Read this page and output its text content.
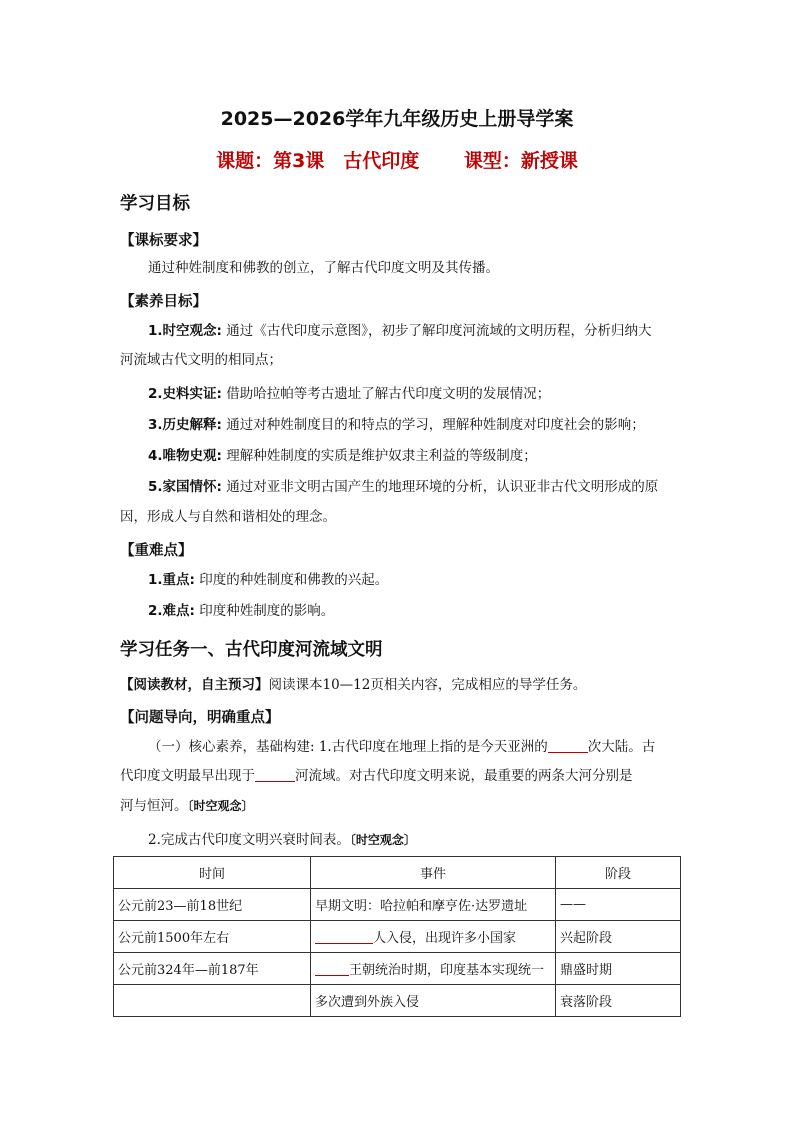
2025—2026学年九年级历史上册导学案
课题：第3课　古代印度　　 课型：新授课
学习目标
【课标要求】
通过种姓制度和佛教的创立，了解古代印度文明及其传播。
【素养目标】
1.时空观念: 通过《古代印度示意图》，初步了解印度河流域的文明历程，分析归纳大
河流域古代文明的相同点；
2.史料实证: 借助哈拉帕等考古遗址了解古代印度文明的发展情况；
3.历史解释: 通过对种姓制度目的和特点的学习，理解种姓制度对印度社会的影响；
4.唯物史观: 理解种姓制度的实质是维护奴隶主利益的等级制度；
5.家国情怀: 通过对亚非文明古国产生的地理环境的分析，认识亚非古代文明形成的原
因，形成人与自然和谐相处的理念。
【重难点】
1.重点: 印度的种姓制度和佛教的兴起。
2.难点: 印度种姓制度的影响。
学习任务一、古代印度河流域文明
【阅读教材，自主预习】阅读课本10—12页相关内容，完成相应的导学任务。
【问题导向，明确重点】
（一）核心素养，基础构建: 1.古代印度在地理上指的是今天亚洲的	次大陆。古
代印度文明最早出现于	河流域。对古代印度文明来说，最重要的两条大河分别是
河与恒河。〔时空观念〕
2.完成古代印度文明兴衰时间表。〔时空观念〕
时间	事件	阶段
公元前23—前18世纪	早期文明：哈拉帕和摩亨佐·达罗遗址	——
公元前1500年左右	人入侵，出现许多小国家	兴起阶段
公元前324年—前187年	王朝统治时期，印度基本实现统一	鼎盛时期
	多次遭到外族入侵	衰落阶段
